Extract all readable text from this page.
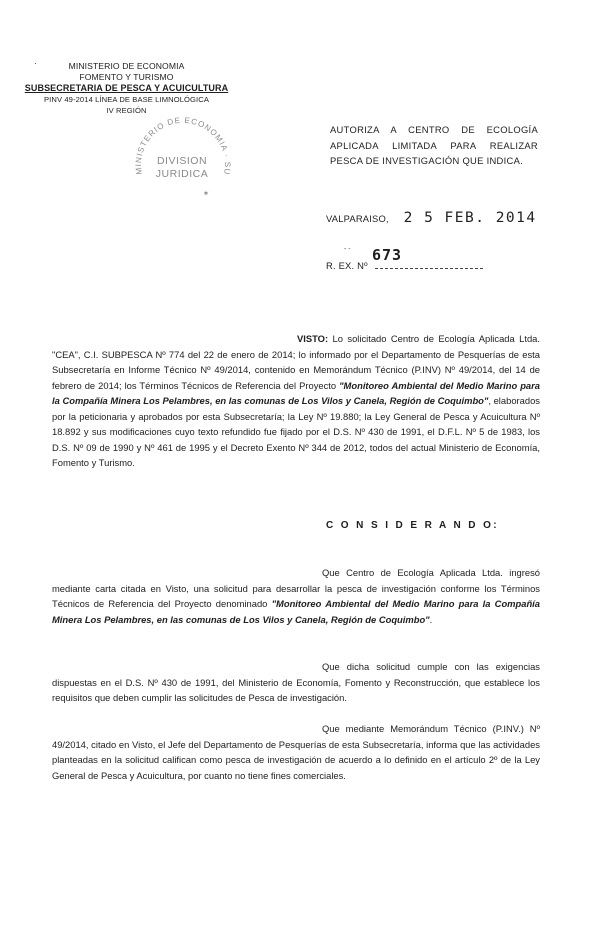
MINISTERIO DE ECONOMIA
FOMENTO Y TURISMO
SUBSECRETARIA DE PESCA Y ACUICULTURA
PINV 49-2014 LÍNEA DE BASE LIMNOLÓGICA
IV REGIÓN
·
MINISTERIO DE ECONOMIA · SU
DIVISION
JURIDICA
✶
AUTORIZA A CENTRO DE ECOLOGÍA APLICADA LIMITADA PARA REALIZAR PESCA DE INVESTIGACIÓN QUE INDICA.
VALPARAISO, 2 5 FEB. 2014
- -
R. EX. Nº
673
VISTO: Lo solicitado Centro de Ecología Aplicada Ltda. "CEA", C.I. SUBPESCA Nº 774 del 22 de enero de 2014; lo informado por el Departamento de Pesquerías de esta Subsecretaría en Informe Técnico Nº 49/2014, contenido en Memorándum Técnico (P.INV) Nº 49/2014, del 14 de febrero de 2014; los Términos Técnicos de Referencia del Proyecto "Monitoreo Ambiental del Medio Marino para la Compañía Minera Los Pelambres, en las comunas de Los Vilos y Canela, Región de Coquimbo", elaborados por la peticionaria y aprobados por esta Subsecretaría; la Ley Nº 19.880; la Ley General de Pesca y Acuicultura Nº 18.892 y sus modificaciones cuyo texto refundido fue fijado por el D.S. Nº 430 de 1991, el D.F.L. Nº 5 de 1983, los D.S. Nº 09 de 1990 y Nº 461 de 1995 y el Decreto Exento Nº 344 de 2012, todos del actual Ministerio de Economía, Fomento y Turismo.
C O N S I D E R A N D O:
Que Centro de Ecología Aplicada Ltda. ingresó mediante carta citada en Visto, una solicitud para desarrollar la pesca de investigación conforme los Términos Técnicos de Referencia del Proyecto denominado "Monitoreo Ambiental del Medio Marino para la Compañía Minera Los Pelambres, en las comunas de Los Vilos y Canela, Región de Coquimbo".
Que dicha solicitud cumple con las exigencias dispuestas en el D.S. Nº 430 de 1991, del Ministerio de Economía, Fomento y Reconstrucción, que establece los requisitos que deben cumplir las solicitudes de Pesca de investigación.
Que mediante Memorándum Técnico (P.INV.) Nº 49/2014, citado en Visto, el Jefe del Departamento de Pesquerías de esta Subsecretaría, informa que las actividades planteadas en la solicitud califican como pesca de investigación de acuerdo a lo definido en el artículo 2º de la Ley General de Pesca y Acuicultura, por cuanto no tiene fines comerciales.
